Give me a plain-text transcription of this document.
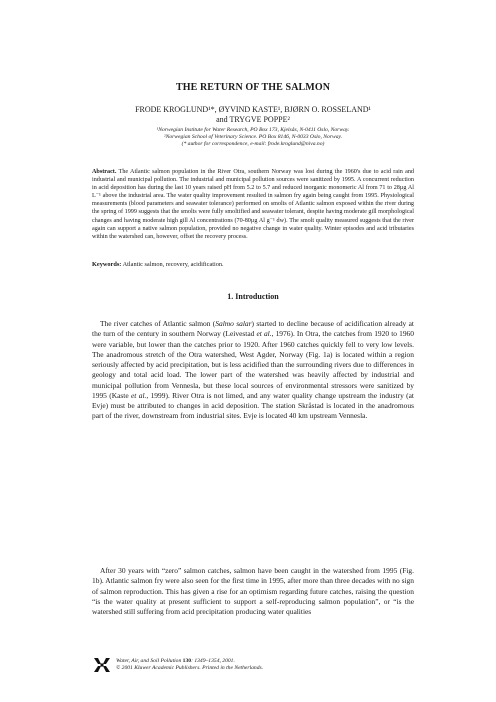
THE RETURN OF THE SALMON
FRODE KROGLUND¹*, ØYVIND KASTE¹, BJØRN O. ROSSELAND¹
and TRYGVE POPPE²
¹Norwegian Institute for Water Research, PO Box 173, Kjelsås, N-0411 Oslo, Norway.
²Norwegian School of Veterinary Science. PO Box 8146, N-0033 Oslo, Norway.
(* author for correspondence, e-mail: frode.kroglund@niva.no)
Abstract. The Atlantic salmon population in the River Otra, southern Norway was lost during the 1960's due to acid rain and industrial and municipal pollution. The industrial and municipal pollution sources were sanitized by 1995. A concurrent reduction in acid deposition has during the last 10 years raised pH from 5.2 to 5.7 and reduced inorganic monomeric Al from 71 to 28µg Al L⁻¹ above the industrial area. The water quality improvement resulted in salmon fry again being caught from 1995. Physiological measurements (blood parameters and seawater tolerance) performed on smolts of Atlantic salmon exposed within the river during the spring of 1999 suggests that the smolts were fully smoltified and seawater tolerant, despite having moderate gill morphological changes and having moderate high gill Al concentrations (70-80µg Al g⁻¹ dw). The smolt quality measured suggests that the river again can support a native salmon population, provided no negative change in water quality. Winter episodes and acid tributaries within the watershed can, however, offset the recovery process.
Keywords: Atlantic salmon, recovery, acidification.
1. Introduction
The river catches of Atlantic salmon (Salmo salar) started to decline because of acidification already at the turn of the century in southern Norway (Leivestad et al., 1976). In Otra, the catches from 1920 to 1960 were variable, but lower than the catches prior to 1920. After 1960 catches quickly fell to very low levels. The anadromous stretch of the Otra watershed, West Agder, Norway (Fig. 1a) is located within a region seriously affected by acid precipitation, but is less acidified than the surrounding rivers due to differences in geology and total acid load. The lower part of the watershed was heavily affected by industrial and municipal pollution from Vennesla, but these local sources of environmental stressors were sanitized by 1995 (Kaste et al., 1999). River Otra is not limed, and any water quality change upstream the industry (at Evje) must be attributed to changes in acid deposition. The station Skråstad is located in the anadromous part of the river, downstream from industrial sites. Evje is located 40 km upstream Vennesla.
After 30 years with “zero” salmon catches, salmon have been caught in the watershed from 1995 (Fig. 1b). Atlantic salmon fry were also seen for the first time in 1995, after more than three decades with no sign of salmon reproduction. This has given a rise for an optimism regarding future catches, raising the question “is the water quality at present sufficient to support a self-reproducing salmon population”, or “is the watershed still suffering from acid precipitation producing water qualities
Water, Air, and Soil Pollution 130: 1349–1354, 2001.
© 2001 Kluwer Academic Publishers. Printed in the Netherlands.
